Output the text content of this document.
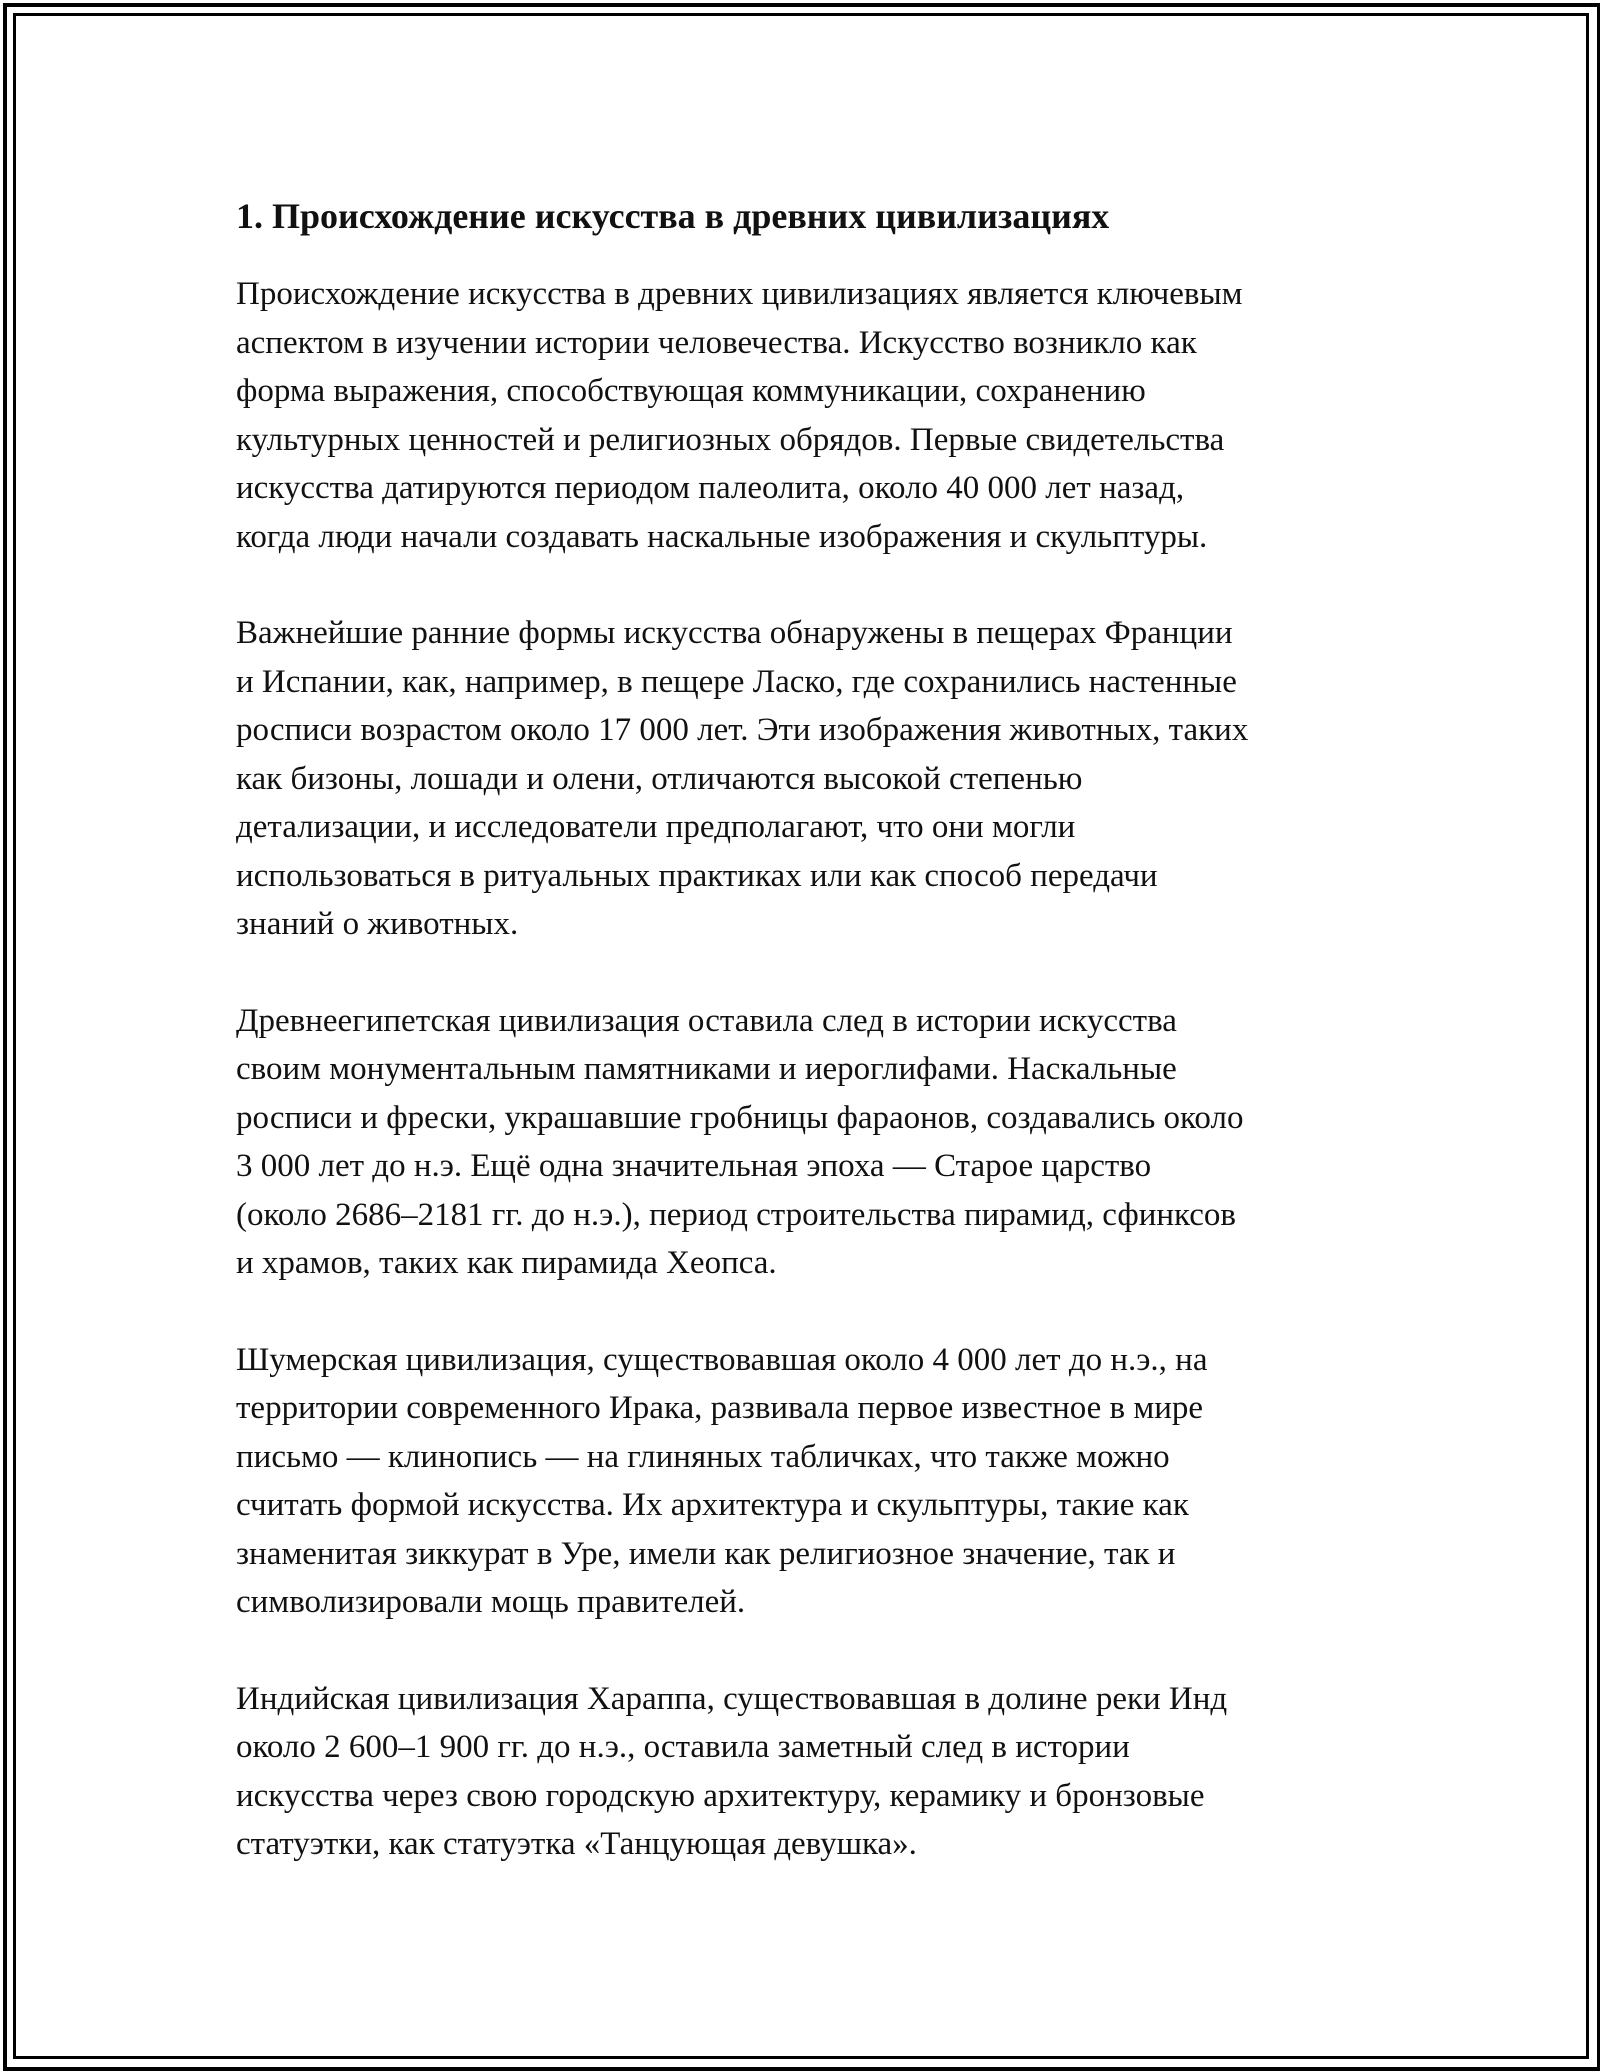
1. Происхождение искусства в древних цивилизациях

Происхождение искусства в древних цивилизациях является ключевым
аспектом в изучении истории человечества. Искусство возникло как
форма выражения, способствующая коммуникации, сохранению
культурных ценностей и религиозных обрядов. Первые свидетельства
искусства датируются периодом палеолита, около 40 000 лет назад,
когда люди начали создавать наскальные изображения и скульптуры.

Важнейшие ранние формы искусства обнаружены в пещерах Франции
и Испании, как, например, в пещере Ласко, где сохранились настенные
росписи возрастом около 17 000 лет. Эти изображения животных, таких
как бизоны, лошади и олени, отличаются высокой степенью
детализации, и исследователи предполагают, что они могли
использоваться в ритуальных практиках или как способ передачи
знаний о животных.

Древнеегипетская цивилизация оставила след в истории искусства
своим монументальным памятниками и иероглифами. Наскальные
росписи и фрески, украшавшие гробницы фараонов, создавались около
3 000 лет до н.э. Ещё одна значительная эпоха — Старое царство
(около 2686–2181 гг. до н.э.), период строительства пирамид, сфинксов
и храмов, таких как пирамида Хеопса.

Шумерская цивилизация, существовавшая около 4 000 лет до н.э., на
территории современного Ирака, развивала первое известное в мире
письмо — клинопись — на глиняных табличках, что также можно
считать формой искусства. Их архитектура и скульптуры, такие как
знаменитая зиккурат в Уре, имели как религиозное значение, так и
символизировали мощь правителей.

Индийская цивилизация Харaппа, существовавшая в долине реки Инд
около 2 600–1 900 гг. до н.э., оставила заметный след в истории
искусства через свою городскую архитектуру, керамику и бронзовые
статуэтки, как статуэтка «Танцующая девушка».
